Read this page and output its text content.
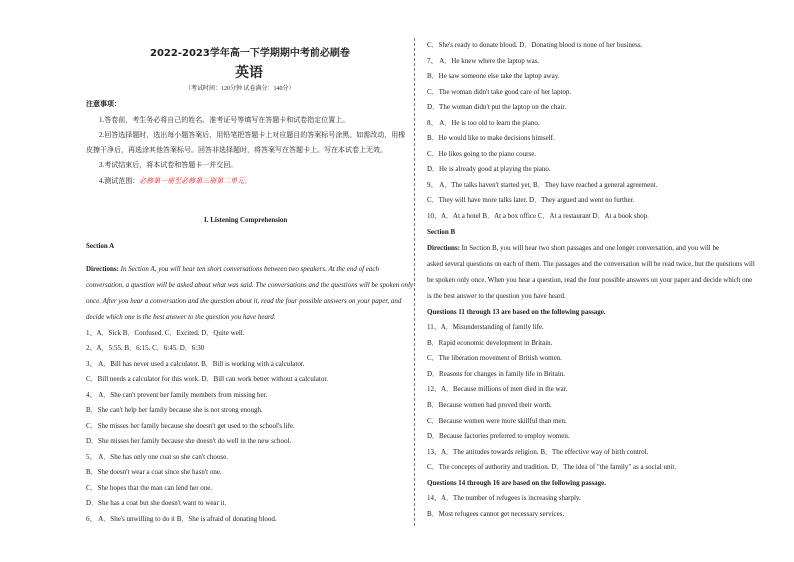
2022-2023学年高一下学期期中考前必刷卷
英语
（考试时间：120分钟 试卷满分：140分）
注意事项：
1.答卷前，考生务必将自己的姓名、准考证号等填写在答题卡和试卷指定位置上。
2.回答选择题时，选出每小题答案后，用铅笔把答题卡上对应题目的答案标号涂黑。如需改动，用橡
皮擦干净后，再选涂其他答案标号。回答非选择题时，将答案写在答题卡上。写在本试卷上无效。
3.考试结束后，将本试卷和答题卡一并交回。
4.测试范围：必修第一册至必修第三册第二单元。
I. Listening Comprehension
Section A
Directions: In Section A, you will hear ten short conversations between two speakers. At the end of each
conversation, a question will be asked about what was said. The conversations and the questions will be spoken only
once. After you hear a conversation and the question about it, read the four possible answers on your paper, and
decide which one is the best answer to the question you have heard.
1、A．Sick B．Confused. C．Excited. D．Quite well.
2、A．5:55. B．6:15. C．6:45. D．6:30
3、 A．Bill has never used a calculator. B．Bill is working with a calculator.
C．Bill needs a calculator for this work. D．Bill can work better without a calculator.
4、 A．She can't prevent her family members from missing her.
B．She can't help her family because she is not strong enough.
C．She misses her family because she doesn't get used to the school's life.
D．She misses her family because she doesn't do well in the new school.
5、 A．She has only one coat so she can't choose.
B．She doesn't wear a coat since she hasn't one.
C．She hopes that the man can lend her one.
D．She has a coat but she doesn't want to wear it.
6、 A．She's unwilling to do it B．She is afraid of donating blood.
C．She's ready to donate blood. D．Donating blood is none of her business.
7、 A．He knew where the laptop was.
B．He saw someone else take the laptop away.
C．The woman didn't take good care of her laptop.
D．The woman didn't put the laptop on the chair.
8、 A．He is too old to learn the piano.
B．He would like to make decisions himself.
C．He likes going to the piano course.
D．He is already good at playing the piano.
9、 A．The talks haven't started yet. B．They have reached a general agreement.
C．They will have more talks later. D．They argued and went no further.
10、A．At a hotel B．At a box office C．At a restaurant D．At a book shop.
Section B
Directions: In Section B, you will hear two short passages and one longer conversation, and you will be
asked several questions on each of them. The passages and the conversation will be read twice, but the questions will
be spoken only once. When you hear a question, read the four possible answers on your paper and decide which one
is the best answer to the question you have heard.
Questions 11 through 13 are based on the following passage.
11、A．Misunderstanding of family life.
B．Rapid economic development in Britain.
C．The liberation movement of British women.
D．Reasons for changes in family life in Britain.
12、A．Because millions of men died in the war.
B．Because women had proved their worth.
C．Because women were more skillful than men.
D．Because factories preferred to employ women.
13、A．The attitudes towards religion. B．The effective way of birth control.
C．The concepts of authority and tradition. D．The idea of "the family" as a social unit.
Questions 14 through 16 are based on the following passage.
14、A．The number of refugees is increasing sharply.
B．Most refugees cannot get necessary services.
